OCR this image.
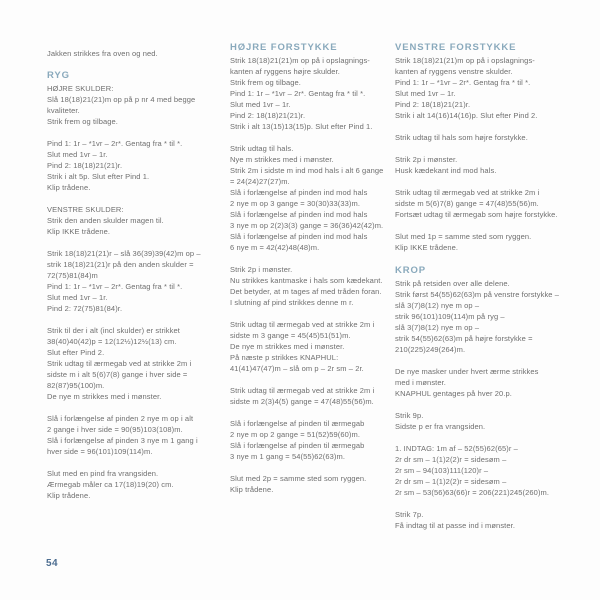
Jakken strikkes fra oven og ned.
RYG
HØJRE SKULDER:
Slå 18(18)21(21)m op på p nr 4 med begge
kvaliteter.
Strik frem og tilbage.
Pind 1: 1r – *1vr – 2r*. Gentag fra * til *.
Slut med 1vr – 1r.
Pind 2: 18(18)21(21)r.
Strik i alt 5p. Slut efter Pind 1.
Klip trådene.
VENSTRE SKULDER:
Strik den anden skulder magen til.
Klip IKKE trådene.
Strik 18(18)21(21)r – slå 36(39)39(42)m op –
strik 18(18)21(21)r på den anden skulder =
72(75)81(84)m
Pind 1: 1r – *1vr – 2r*. Gentag fra * til *.
Slut med 1vr – 1r.
Pind 2: 72(75)81(84)r.
Strik til der i alt (incl skulder) er strikket
38(40)40(42)p = 12(12½)12½(13) cm.
Slut efter Pind 2.
Strik udtag til ærmegab ved at strikke 2m i
sidste m i alt 5(6)7(8) gange i hver side =
82(87)95(100)m.
De nye m strikkes med i mønster.
Slå i forlængelse af pinden 2 nye m op i alt
2 gange i hver side = 90(95)103(108)m.
Slå i forlængelse af pinden 3 nye m 1 gang i
hver side = 96(101)109(114)m.
Slut med en pind fra vrangsiden.
Ærmegab måler ca 17(18)19(20) cm.
Klip trådene.
HØJRE FORSTYKKE
Strik 18(18)21(21)m op på i opslagnings-
kanten af ryggens højre skulder.
Strik frem og tilbage.
Pind 1: 1r – *1vr – 2r*. Gentag fra * til *.
Slut med 1vr – 1r.
Pind 2: 18(18)21(21)r.
Strik i alt 13(15)13(15)p. Slut efter Pind 1.
Strik udtag til hals.
Nye m strikkes med i mønster.
Strik 2m i sidste m ind mod hals i alt 6 gange
= 24(24)27(27)m.
Slå i forlængelse af pinden ind mod hals
2 nye m op 3 gange = 30(30)33(33)m.
Slå i forlængelse af pinden ind mod hals
3 nye m op 2(2)3(3) gange = 36(36)42(42)m.
Slå i forlængelse af pinden ind mod hals
6 nye m = 42(42)48(48)m.
Strik 2p i mønster.
Nu strikkes kantmaske i hals som kædekant.
Det betyder, at m tages af med tråden foran.
I slutning af pind strikkes denne m r.
Strik udtag til ærmegab ved at strikke 2m i
sidste m 3 gange = 45(45)51(51)m.
De nye m strikkes med i mønster.
På næste p strikkes KNAPHUL:
41(41)47(47)m – slå om p – 2r sm – 2r.
Strik udtag til ærmegab ved at strikke 2m i
sidste m 2(3)4(5) gange = 47(48)55(56)m.
Slå i forlængelse af pinden til ærmegab
2 nye m op 2 gange = 51(52)59(60)m.
Slå i forlængelse af pinden til ærmegab
3 nye m 1 gang = 54(55)62(63)m.
Slut med 2p = samme sted som ryggen.
Klip trådene.
VENSTRE FORSTYKKE
Strik 18(18)21(21)m op på i opslagnings-
kanten af ryggens venstre skulder.
Pind 1: 1r – *1vr – 2r*. Gentag fra * til *.
Slut med 1vr – 1r.
Pind 2: 18(18)21(21)r.
Strik i alt 14(16)14(16)p. Slut efter Pind 2.
Strik udtag til hals som højre forstykke.
Strik 2p i mønster.
Husk kædekant ind mod hals.
Strik udtag til ærmegab ved at strikke 2m i
sidste m 5(6)7(8) gange = 47(48)55(56)m.
Fortsæt udtag til ærmegab som højre forstykke.
Slut med 1p = samme sted som ryggen.
Klip IKKE trådene.
KROP
Strik på retsiden over alle delene.
Strik først 54(55)62(63)m på venstre forstykke –
slå 3(7)8(12) nye m op –
strik 96(101)109(114)m på ryg –
slå 3(7)8(12) nye m op –
strik 54(55)62(63)m på højre forstykke =
210(225)249(264)m.
De nye masker under hvert ærme strikkes
med i mønster.
KNAPHUL gentages på hver 20.p.
Strik 9p.
Sidste p er fra vrangsiden.
1. INDTAG: 1m af – 52(55)62(65)r –
2r dr sm – 1(1)2(2)r = sidesøm –
2r sm – 94(103)111(120)r –
2r dr sm – 1(1)2(2)r = sidesøm –
2r sm – 53(56)63(66)r = 206(221)245(260)m.
Strik 7p.
Få indtag til at passe ind i mønster.
54
